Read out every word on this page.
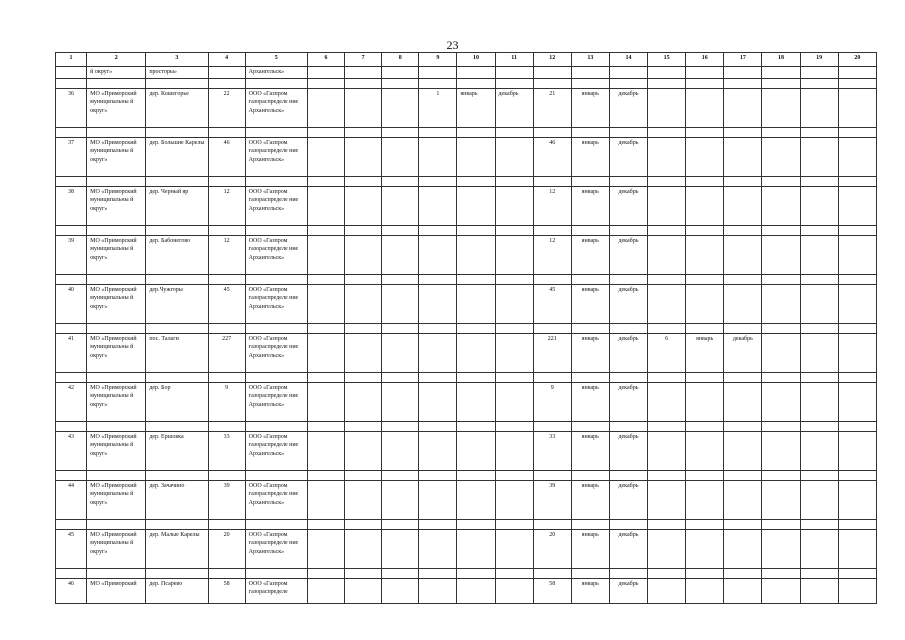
23
1	2	3	4	5	6	7	8	9	10	11	12	13	14	15	16	17	18	19	20
	й округ»	просторы»		Архангельск»															

36	МО «Приморский муниципальны й округ»	дер. Кошегорье	22	ООО «Газпром газораспределе ние Архангельск»				1	январь	декабрь	21	январь	декабрь						

37	МО «Приморский муниципальны й округ»	дер. Большие Карелы	46	ООО «Газпром газораспределе ние Архангельск»							46	январь	декабрь						

38	МО «Приморский муниципальны й округ»	дер. Черный яр	12	ООО «Газпром газораспределе ние Архангельск»							12	январь	декабрь						

39	МО «Приморский муниципальны й округ»	дер. Бабонегово	12	ООО «Газпром газораспределе ние Архангельск»							12	январь	декабрь						

40	МО «Приморский муниципальны й округ»	дер.Чужгоры	45	ООО «Газпром газораспределе ние Архангельск»							45	январь	декабрь						

41	МО «Приморский муниципальны й округ»	пос. Талаги	227	ООО «Газпром газораспределе ние Архангельск»							221	январь	декабрь	6	январь	декабрь			

42	МО «Приморский муниципальны й округ»	дер. Бор	9	ООО «Газпром газораспределе ние Архангельск»							9	январь	декабрь						

43	МО «Приморский муниципальны й округ»	дер. Ершовка	33	ООО «Газпром газораспределе ние Архангельск»							33	январь	декабрь						

44	МО «Приморский муниципальны й округ»	дер. Зачачино	39	ООО «Газпром газораспределе ние Архангельск»							39	январь	декабрь						

45	МО «Приморский муниципальны й округ»	дер. Малые Карелы	20	ООО «Газпром газораспределе ние Архангельск»							20	январь	декабрь						

46	МО «Приморский	дер. Псарево	58	ООО «Газпром газораспределе							58	январь	декабрь						
